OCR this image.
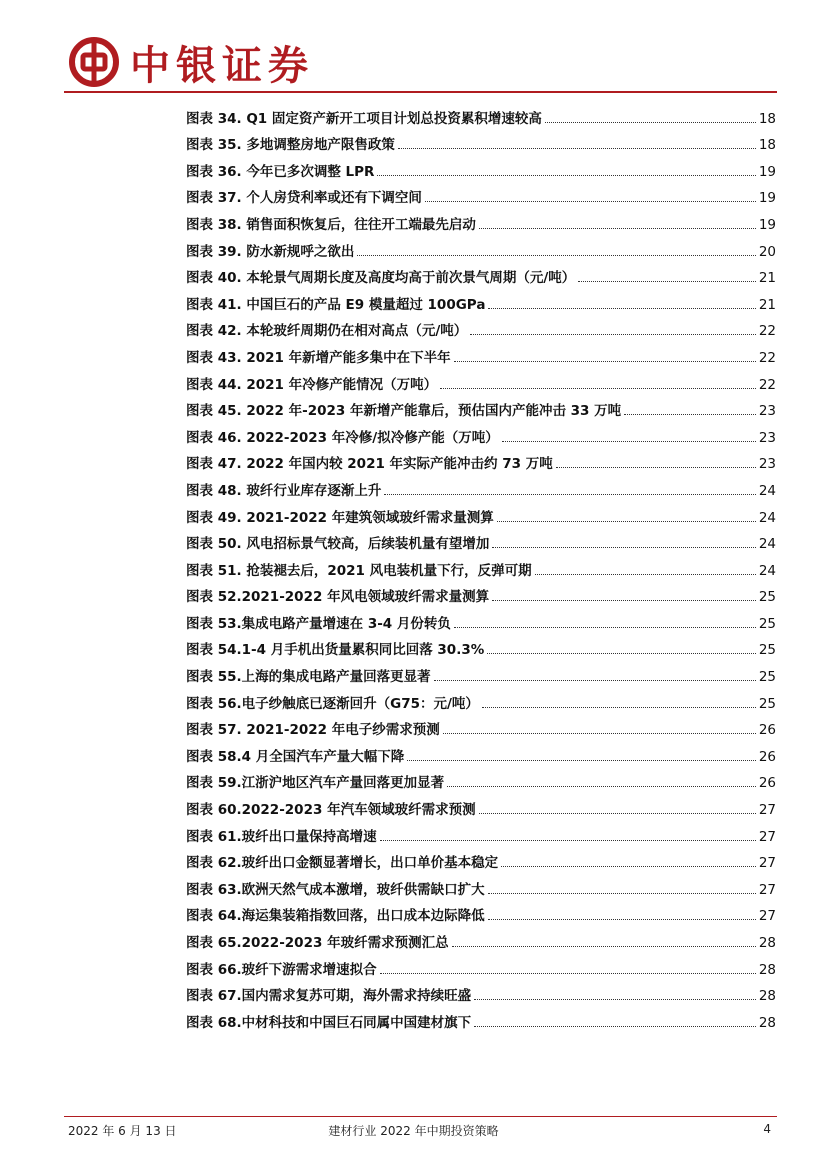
中银证券
图表 34. Q1 固定资产新开工项目计划总投资累积增速较高	18
图表 35. 多地调整房地产限售政策	18
图表 36. 今年已多次调整 LPR	19
图表 37. 个人房贷利率或还有下调空间	19
图表 38. 销售面积恢复后，往往开工端最先启动	19
图表 39. 防水新规呼之欲出	20
图表 40. 本轮景气周期长度及高度均高于前次景气周期（元/吨）	21
图表 41. 中国巨石的产品 E9 模量超过 100GPa	21
图表 42. 本轮玻纤周期仍在相对高点（元/吨）	22
图表 43. 2021 年新增产能多集中在下半年	22
图表 44. 2021 年冷修产能情况（万吨）	22
图表 45. 2022 年-2023 年新增产能靠后，预估国内产能冲击 33 万吨	23
图表 46. 2022-2023 年冷修/拟冷修产能（万吨）	23
图表 47. 2022 年国内较 2021 年实际产能冲击约 73 万吨	23
图表 48. 玻纤行业库存逐渐上升	24
图表 49. 2021-2022 年建筑领域玻纤需求量测算	24
图表 50. 风电招标景气较高，后续装机量有望增加	24
图表 51. 抢装褪去后，2021 风电装机量下行，反弹可期	24
图表 52.2021-2022 年风电领域玻纤需求量测算	25
图表 53.集成电路产量增速在 3-4 月份转负	25
图表 54.1-4 月手机出货量累积同比回落 30.3%	25
图表 55.上海的集成电路产量回落更显著	25
图表 56.电子纱触底已逐渐回升（G75：元/吨）	25
图表 57. 2021-2022 年电子纱需求预测	26
图表 58.4 月全国汽车产量大幅下降	26
图表 59.江浙沪地区汽车产量回落更加显著	26
图表 60.2022-2023 年汽车领域玻纤需求预测	27
图表 61.玻纤出口量保持高增速	27
图表 62.玻纤出口金额显著增长，出口单价基本稳定	27
图表 63.欧洲天然气成本激增，玻纤供需缺口扩大	27
图表 64.海运集装箱指数回落，出口成本边际降低	27
图表 65.2022-2023 年玻纤需求预测汇总	28
图表 66.玻纤下游需求增速拟合	28
图表 67.国内需求复苏可期，海外需求持续旺盛	28
图表 68.中材科技和中国巨石同属中国建材旗下	28
2022 年 6 月 13 日	建材行业 2022 年中期投资策略	4
